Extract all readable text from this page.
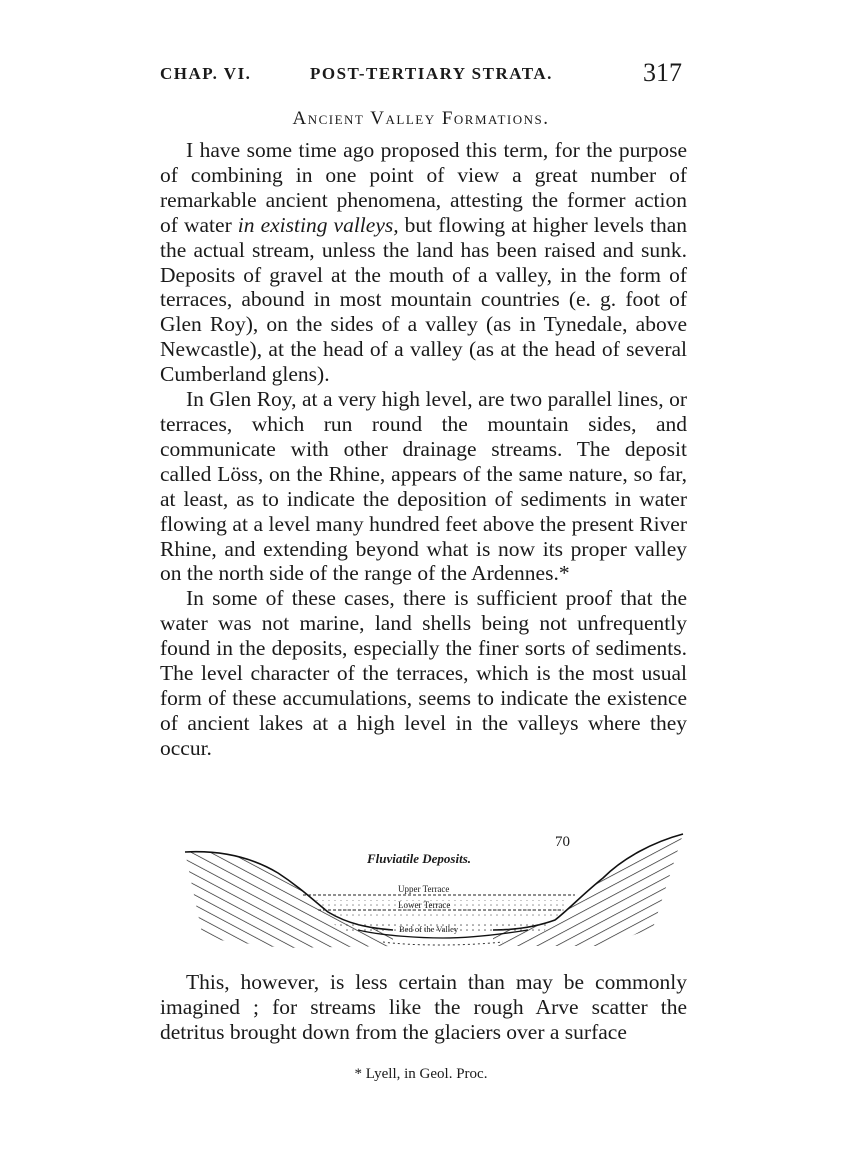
CHAP. VI.	POST-TERTIARY STRATA.	317
Ancient Valley Formations.

I have some time ago proposed this term, for the purpose of combining in one point of view a great number of remarkable ancient phenomena, attesting the former action of water in existing valleys, but flowing at higher levels than the actual stream, unless the land has been raised and sunk. Deposits of gravel at the mouth of a valley, in the form of terraces, abound in most mountain countries (e. g. foot of Glen Roy), on the sides of a valley (as in Tynedale, above Newcastle), at the head of a valley (as at the head of several Cumberland glens).

In Glen Roy, at a very high level, are two parallel lines, or terraces, which run round the mountain sides, and communicate with other drainage streams. The deposit called Löss, on the Rhine, appears of the same nature, so far, at least, as to indicate the deposition of sediments in water flowing at a level many hundred feet above the present River Rhine, and extending beyond what is now its proper valley on the north side of the range of the Ardennes.*

In some of these cases, there is sufficient proof that the water was not marine, land shells being not unfrequently found in the deposits, especially the finer sorts of sediments. The level character of the terraces, which is the most usual form of these accumulations, seems to indicate the existence of ancient lakes at a high level in the valleys where they occur.

70
Fluviatile Deposits.
Upper Terrace
Lower Terrace
Bed of the Valley

This, however, is less certain than may be commonly imagined ; for streams like the rough Arve scatter the detritus brought down from the glaciers over a surface

* Lyell, in Geol. Proc.
